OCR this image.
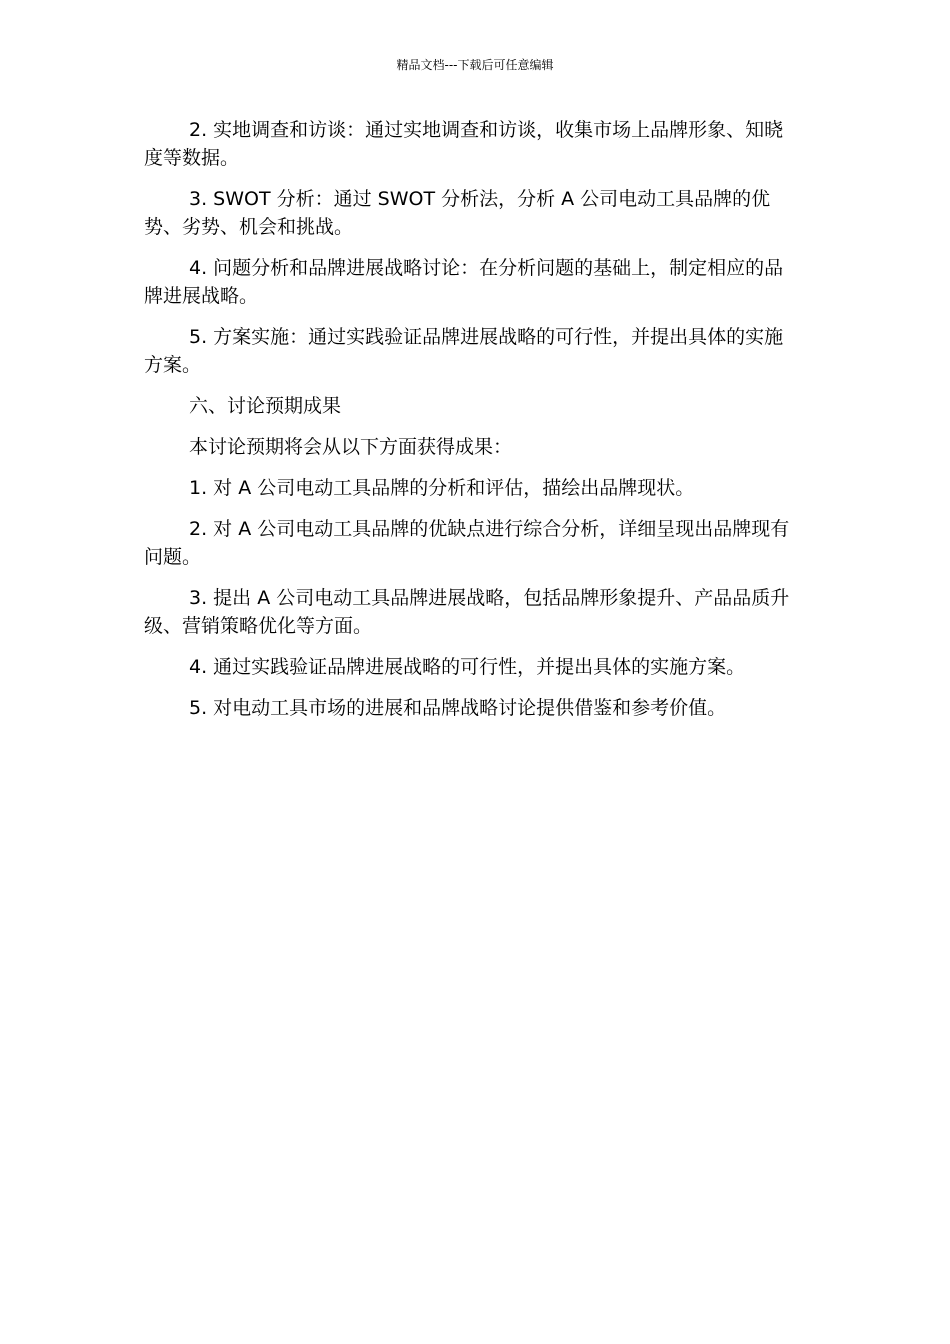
精品文档---下载后可任意编辑

2. 实地调查和访谈：通过实地调查和访谈，收集市场上品牌形象、知晓度等数据。

3. SWOT 分析：通过 SWOT 分析法，分析 A 公司电动工具品牌的优势、劣势、机会和挑战。

4. 问题分析和品牌进展战略讨论：在分析问题的基础上，制定相应的品牌进展战略。

5. 方案实施：通过实践验证品牌进展战略的可行性，并提出具体的实施方案。

六、讨论预期成果

本讨论预期将会从以下方面获得成果：

1. 对 A 公司电动工具品牌的分析和评估，描绘出品牌现状。

2. 对 A 公司电动工具品牌的优缺点进行综合分析，详细呈现出品牌现有问题。

3. 提出 A 公司电动工具品牌进展战略，包括品牌形象提升、产品品质升级、营销策略优化等方面。

4. 通过实践验证品牌进展战略的可行性，并提出具体的实施方案。

5. 对电动工具市场的进展和品牌战略讨论提供借鉴和参考价值。
